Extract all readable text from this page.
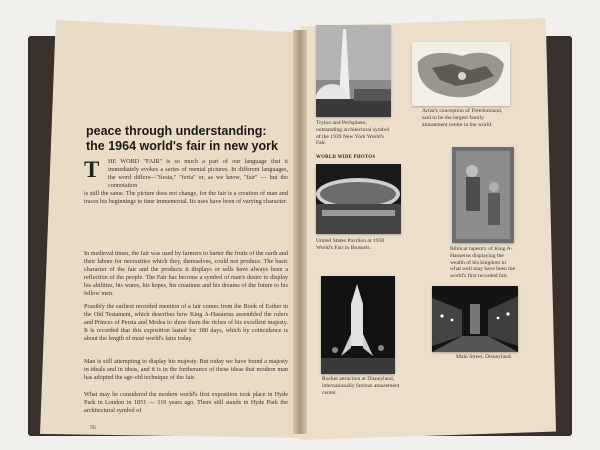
peace through understanding:

the 1964 world's fair in new york

T HE WORD "FAIR" is so much a part of our language that it immediately evokes a series of mental pictures. In different languages, the word differs—"fiesta," "feria" or, as we know, "fair" — but the connotation

is still the same. The picture does not change, for the fair is a creation of man and traces his beginnings to time immemorial. Its uses have been of varying character.

In medieval times, the fair was used by farmers to barter the fruits of the earth and their labors for necessities which they, themselves, could not produce. The basic character of the fair and the products it displays or sells have always been a reflection of the people. The Fair has become a symbol of man's desire to display his abilities, his wares, his hopes, his creations and his dreams of the future to his fellow men.

Possibly the earliest recorded mention of a fair comes from the Book of Esther in the Old Testament, which describes how King A-Hasuerus assembled the rulers and Princes of Persia and Medea to show them the riches of his excellent majesty. It is recorded that this exposition lasted for 180 days, which by coincidence is about the length of most world's fairs today.

Man is still attempting to display his majesty. But today we have found a majesty in ideals and in ideas, and it is in the furtherance of these ideas that modern man has adopted the age-old technique of the fair.

What may be considered the modern world's first exposition took place in Hyde Park in London in 1851 — 110 years ago. There still stands in Hyde Park the architectural symbol of

56

Trylon and Perisphere, outstanding architectural symbol of the 1939 New York World's Fair.

WORLD WIDE PHOTOS

Artist's conception of Freedomland, said to be the largest family amusement centre in the world.

United States Pavilion at 1958 World's Fair in Brussels.	Biblical tapestry of King A-Hasuerus displaying the wealth of his kingdom in what well may have been the world's first recorded fair.

Rocket attraction at Disneyland, internationally famous amusement center.

Main Street, Disneyland.
